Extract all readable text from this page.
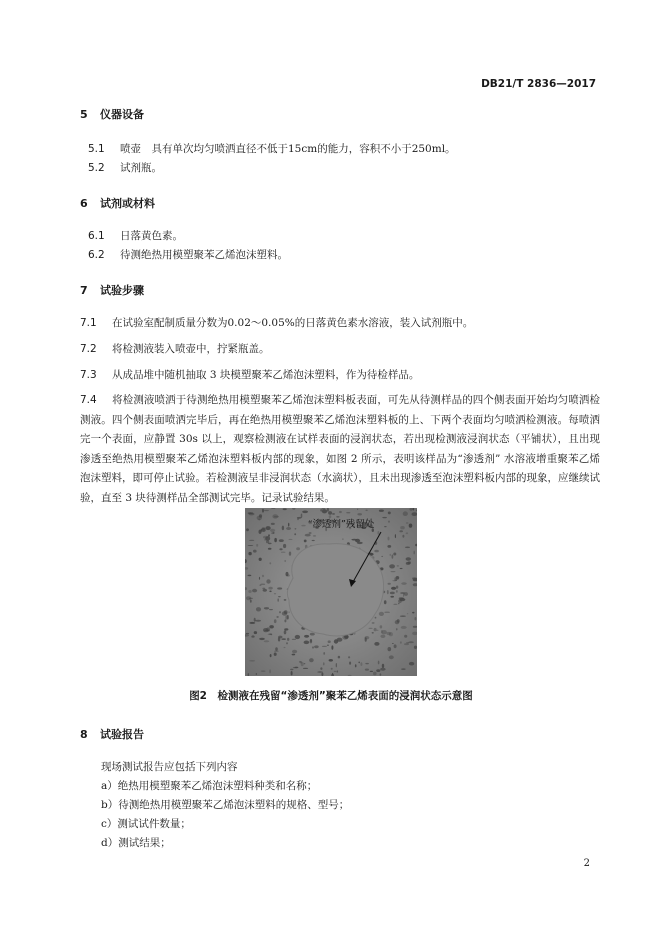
DB21/T 2836—2017
5 仪器设备
5.1 喷壶　具有单次均匀喷洒直径不低于15cm的能力，容积不小于250ml。
5.2 试剂瓶。
6 试剂或材料
6.1 日落黄色素。
6.2 待测绝热用模塑聚苯乙烯泡沫塑料。
7 试验步骤
7.1 在试验室配制质量分数为0.02～0.05%的日落黄色素水溶液，装入试剂瓶中。
7.2 将检测液装入喷壶中，拧紧瓶盖。
7.3 从成品堆中随机抽取 3 块模塑聚苯乙烯泡沫塑料，作为待检样品。
7.4 将检测液喷洒于待测绝热用模塑聚苯乙烯泡沫塑料板表面，可先从待测样品的四个侧表面开始均匀喷洒检测液。四个侧表面喷洒完毕后，再在绝热用模塑聚苯乙烯泡沫塑料板的上、下两个表面均匀喷洒检测液。每喷洒完一个表面，应静置 30s 以上，观察检测液在试样表面的浸润状态，若出现检测液浸润状态（平铺状），且出现渗透至绝热用模塑聚苯乙烯泡沫塑料板内部的现象，如图 2 所示，表明该样品为“渗透剂” 水溶液增重聚苯乙烯泡沫塑料，即可停止试验。若检测液呈非浸润状态（水滴状），且未出现渗透至泡沫塑料板内部的现象，应继续试验，直至 3 块待测样品全部测试完毕。记录试验结果。
“渗透剂”残留处
图2　检测液在残留“渗透剂”聚苯乙烯表面的浸润状态示意图
8 试验报告
现场测试报告应包括下列内容
a）绝热用模塑聚苯乙烯泡沫塑料种类和名称；
b）待测绝热用模塑聚苯乙烯泡沫塑料的规格、型号；
c）测试试件数量；
d）测试结果；
2
